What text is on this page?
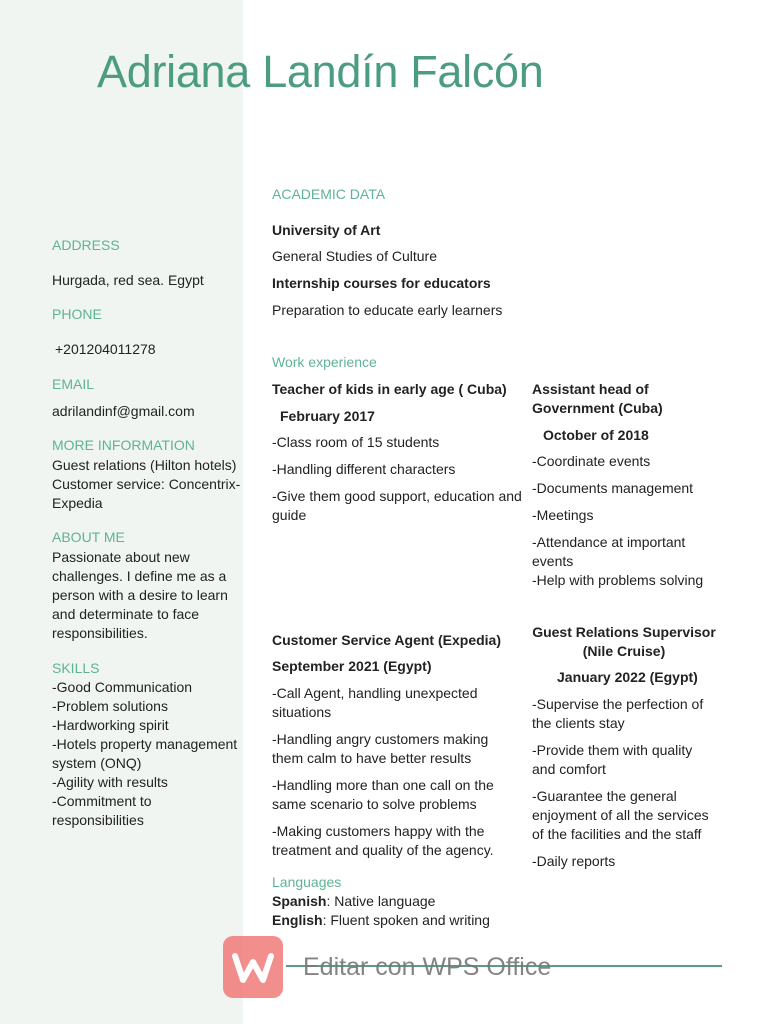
Adriana Landín Falcón
ADDRESS
Hurgada, red sea. Egypt
PHONE
+201204011278
EMAIL
adrilandinf@gmail.com
MORE INFORMATION
Guest relations (Hilton hotels)
Customer service: Concentrix-
Expedia
ABOUT ME
Passionate about new
challenges. I define me as a
person with a desire to learn
and determinate to face
responsibilities.
SKILLS
-Good Communication
-Problem solutions
-Hardworking spirit
-Hotels property management
system (ONQ)
-Agility with results
-Commitment to
responsibilities
ACADEMIC DATA
University of Art
General Studies of Culture
Internship courses for educators
Preparation to educate early learners
Work experience
Teacher of kids in early age ( Cuba)
February 2017
-Class room of 15 students
-Handling different characters
-Give them good support, education and guide
Assistant head of
Government (Cuba)
October of 2018
-Coordinate events
-Documents management
-Meetings
-Attendance at important events
-Help with problems solving
Customer Service Agent (Expedia)
September 2021 (Egypt)
-Call Agent, handling unexpected situations
-Handling angry customers making them calm to have better results
-Handling more than one call on the same scenario to solve problems
-Making customers happy with the treatment and quality of the agency.
Guest Relations Supervisor
(Nile Cruise)
January 2022 (Egypt)
-Supervise the perfection of the clients stay
-Provide them with quality and comfort
-Guarantee the general enjoyment of all the services of the facilities and the staff
-Daily reports
Languages
Spanish: Native language
English: Fluent spoken and writing
Editar con WPS Office
